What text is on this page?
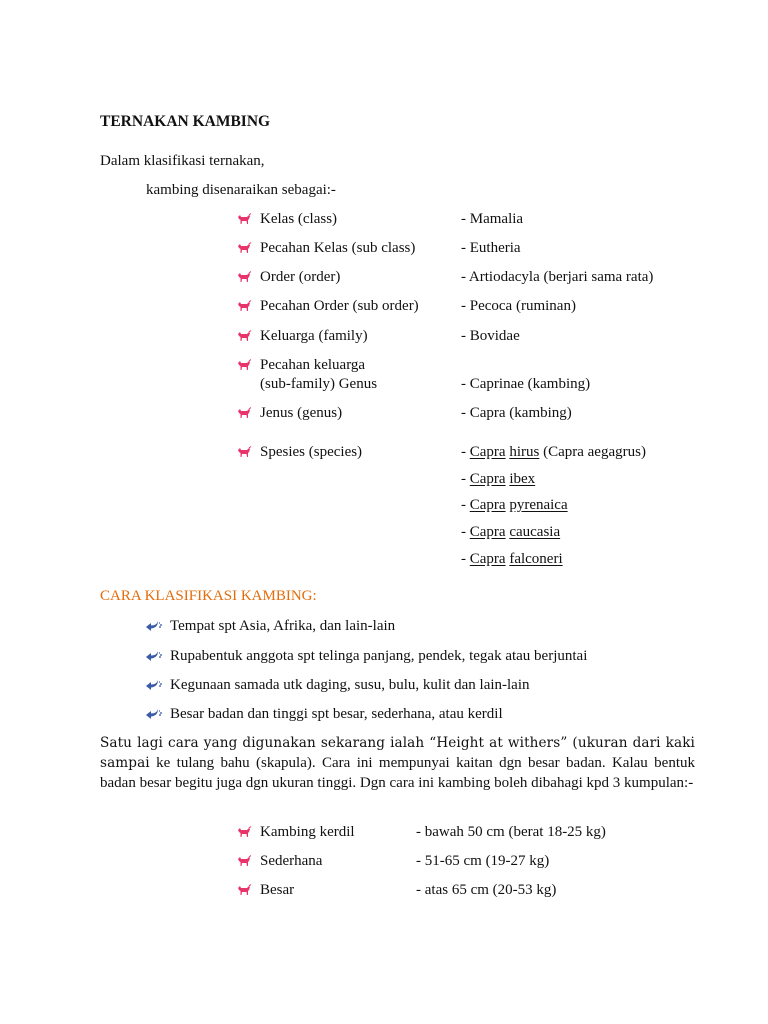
TERNAKAN KAMBING
Dalam klasifikasi ternakan,
kambing disenaraikan sebagai:-
Kelas (class)	- Mamalia
Pecahan Kelas (sub class)	- Eutheria
Order (order)	- Artiodacyla (berjari sama rata)
Pecahan Order (sub order)	- Pecoca (ruminan)
Keluarga (family)	- Bovidae
Pecahan keluarga
(sub-family) Genus	- Caprinae (kambing)
Jenus (genus)	- Capra (kambing)
Spesies (species)	- Capra hirus (Capra aegagrus)
- Capra ibex
- Capra pyrenaica
- Capra caucasia
- Capra falconeri
CARA KLASIFIKASI KAMBING:
Tempat spt Asia, Afrika, dan lain-lain
Rupabentuk anggota spt telinga panjang, pendek, tegak atau berjuntai
Kegunaan samada utk daging, susu, bulu, kulit dan lain-lain
Besar badan dan tinggi spt besar, sederhana, atau kerdil
Satu lagi cara yang digunakan sekarang ialah “Height at withers” (ukuran dari kaki sampai ke tulang bahu (skapula). Cara ini mempunyai kaitan dgn besar badan. Kalau bentuk badan besar begitu juga dgn ukuran tinggi. Dgn cara ini kambing boleh dibahagi kpd 3 kumpulan:-
Kambing kerdil	- bawah 50 cm (berat 18-25 kg)
Sederhana	- 51-65 cm (19-27 kg)
Besar	- atas 65 cm (20-53 kg)
